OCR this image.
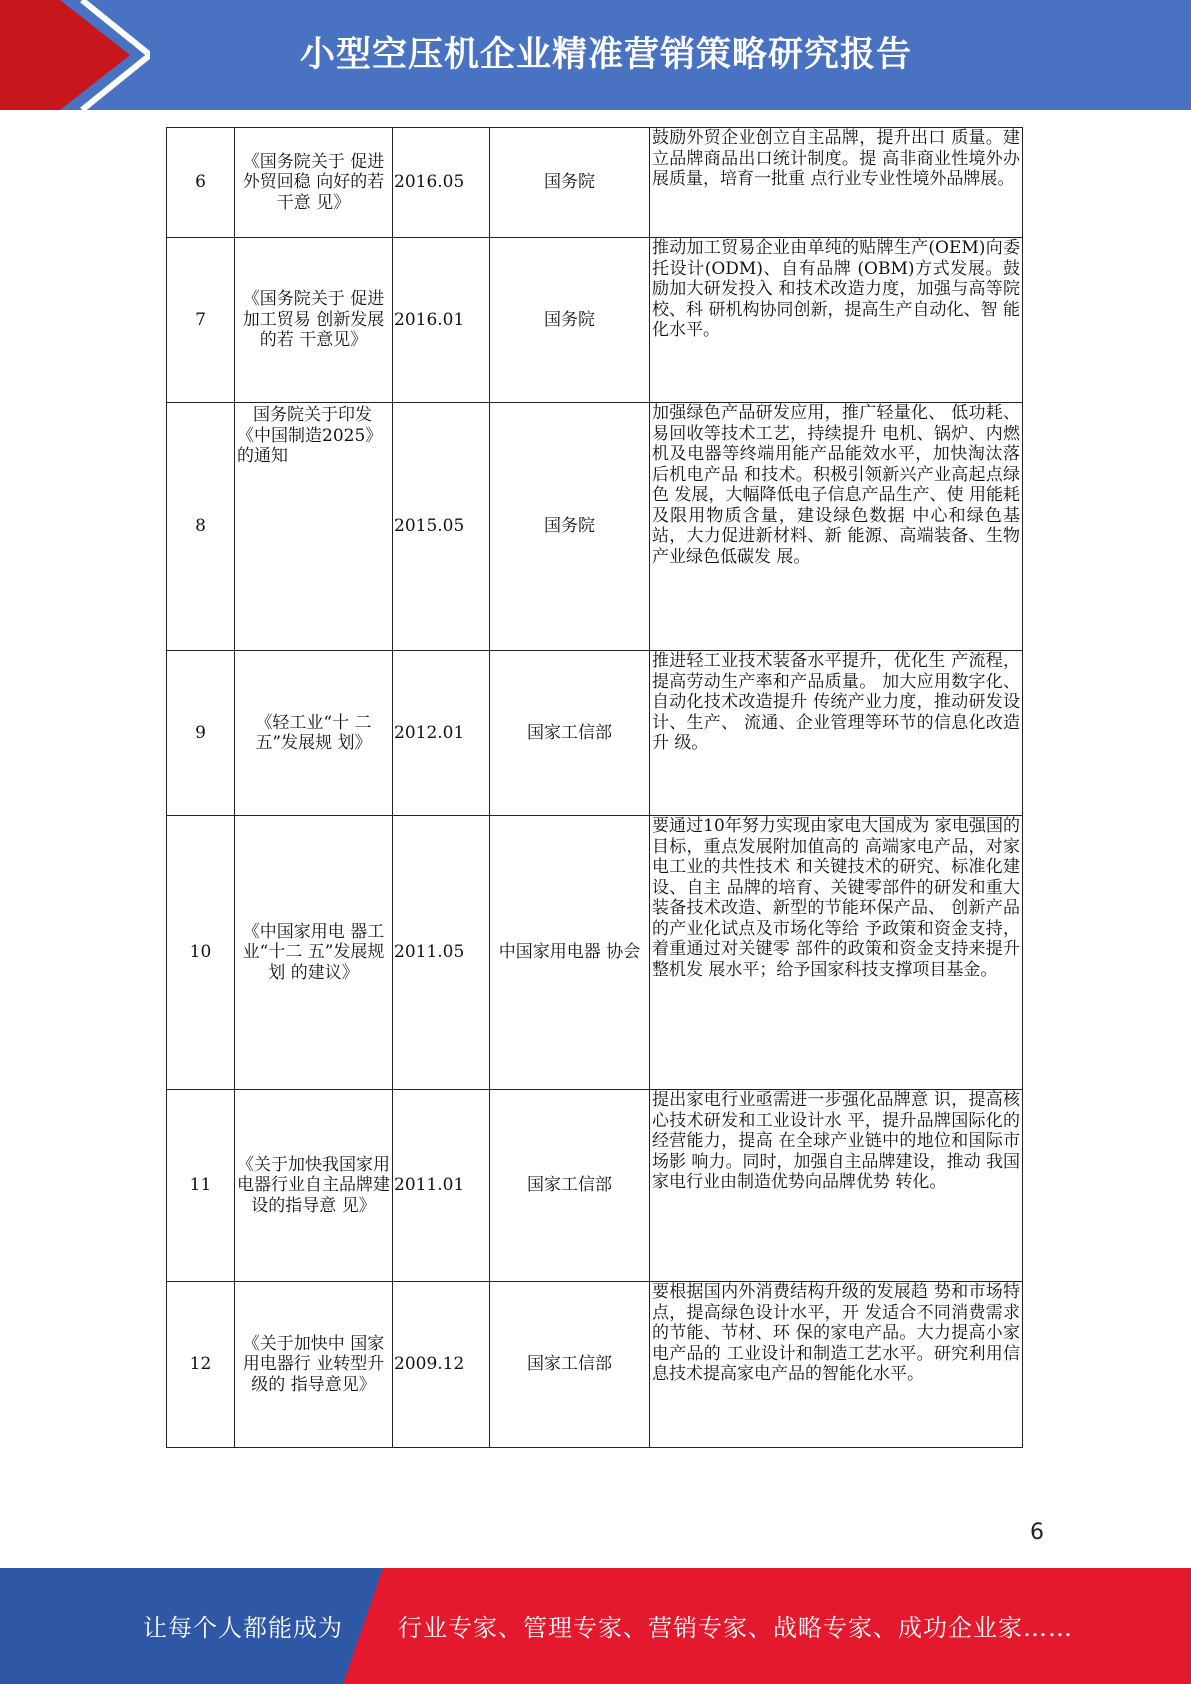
小型空压机企业精准营销策略研究报告
6	《国务院关于 促进外贸回稳 向好的若干意 见》	2016.05	国务院	鼓励外贸企业创立自主品牌，提升出口 质量。建立品牌商品出口统计制度。提 高非商业性境外办展质量，培育一批重 点行业专业性境外品牌展。
7	《国务院关于 促进加工贸易 创新发展的若 干意见》	2016.01	国务院	推动加工贸易企业由单纯的贴牌生产(OEM)向委托设计(ODM)、自有品牌 (OBM)方式发展。鼓励加大研发投入 和技术改造力度，加强与高等院校、科 研机构协同创新，提高生产自动化、智 能化水平。
8	国务院关于印发《中国制造2025》的通知	2015.05	国务院	加强绿色产品研发应用，推广轻量化、 低功耗、易回收等技术工艺，持续提升 电机、锅炉、内燃机及电器等终端用能产品能效水平，加快淘汰落后机电产品 和技术。积极引领新兴产业高起点绿色 发展，大幅降低电子信息产品生产、使 用能耗及限用物质含量，建设绿色数据 中心和绿色基站，大力促进新材料、新 能源、高端装备、生物产业绿色低碳发 展。
9	《轻工业“十 二五”发展规 划》	2012.01	国家工信部	推进轻工业技术装备水平提升，优化生 产流程，提高劳动生产率和产品质量。 加大应用数字化、自动化技术改造提升 传统产业力度，推动研发设计、生产、 流通、企业管理等环节的信息化改造升 级。
10	《中国家用电 器工业“十二 五”发展规划 的建议》	2011.05	中国家用电器 协会	要通过10年努力实现由家电大国成为 家电强国的目标，重点发展附加值高的 高端家电产品，对家电工业的共性技术 和关键技术的研究、标准化建设、自主 品牌的培育、关键零部件的研发和重大 装备技术改造、新型的节能环保产品、 创新产品的产业化试点及市场化等给 予政策和资金支持，着重通过对关键零 部件的政策和资金支持来提升整机发 展水平；给予国家科技支撑项目基金。
11	《关于加快我国家用电器行业自主品牌建设的指导意 见》	2011.01	国家工信部	提出家电行业亟需进一步强化品牌意 识，提高核心技术研发和工业设计水 平，提升品牌国际化的经营能力，提高 在全球产业链中的地位和国际市场影 响力。同时，加强自主品牌建设，推动 我国家电行业由制造优势向品牌优势 转化。
12	《关于加快中 国家用电器行 业转型升级的 指导意见》	2009.12	国家工信部	要根据国内外消费结构升级的发展趋 势和市场特点，提高绿色设计水平，开 发适合不同消费需求的节能、节材、环 保的家电产品。大力提高小家电产品的 工业设计和制造工艺水平。研究利用信 息技术提高家电产品的智能化水平。
6
让每个人都能成为 行业专家、管理专家、营销专家、战略专家、成功企业家……
